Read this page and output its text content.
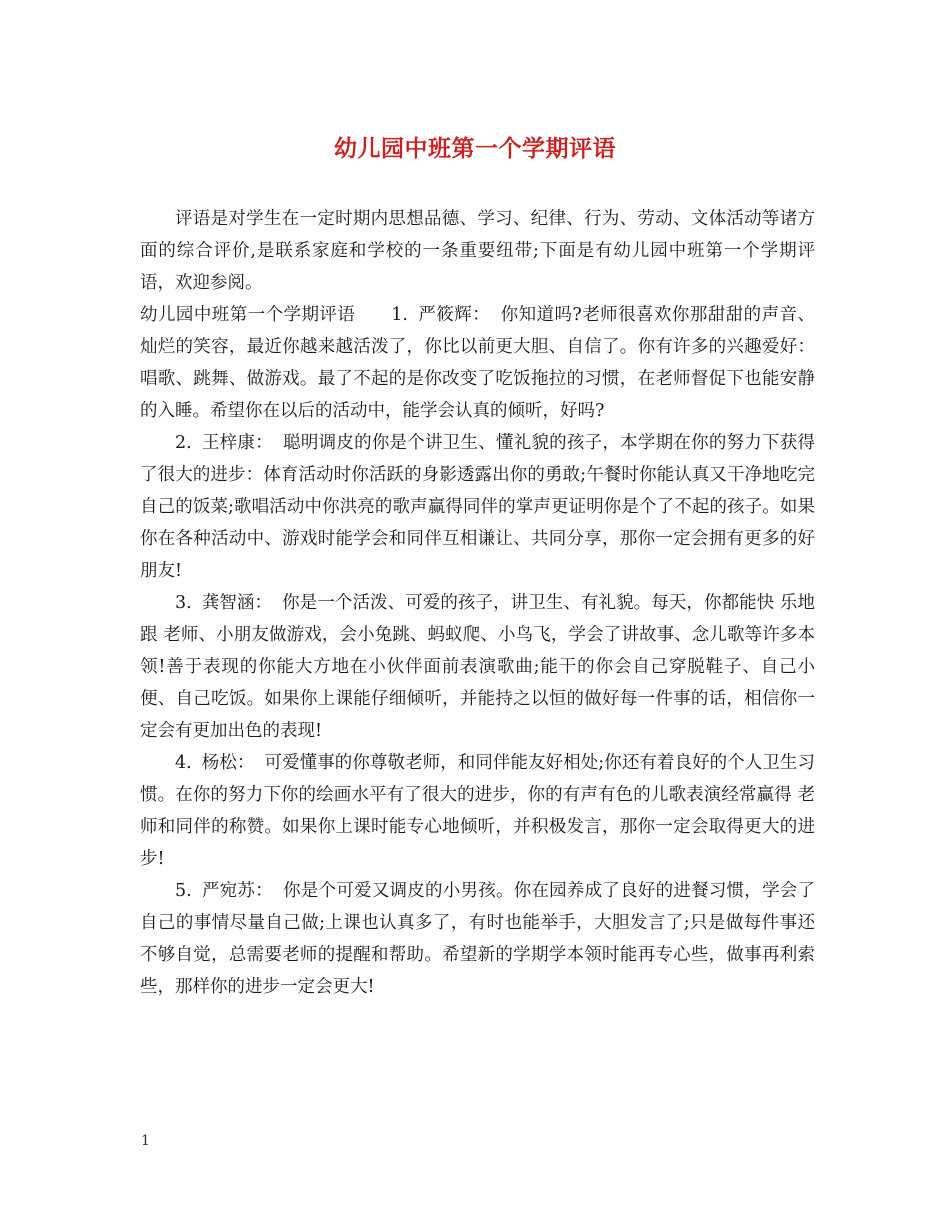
幼儿园中班第一个学期评语

评语是对学生在一定时期内思想品德、学习、纪律、行为、劳动、文体活动等诸方面的综合评价,是联系家庭和学校的一条重要纽带;下面是有幼儿园中班第一个学期评语，欢迎参阅。

幼儿园中班第一个学期评语 1. 严筱辉： 你知道吗?老师很喜欢你那甜甜的声音、灿烂的笑容，最近你越来越活泼了，你比以前更大胆、自信了。你有许多的兴趣爱好：唱歌、跳舞、做游戏。最了不起的是你改变了吃饭拖拉的习惯，在老师督促下也能安静的入睡。希望你在以后的活动中，能学会认真的倾听，好吗?

2. 王梓康： 聪明调皮的你是个讲卫生、懂礼貌的孩子，本学期在你的努力下获得了很大的进步：体育活动时你活跃的身影透露出你的勇敢;午餐时你能认真又干净地吃完自己的饭菜;歌唱活动中你洪亮的歌声赢得同伴的掌声更证明你是个了不起的孩子。如果你在各种活动中、游戏时能学会和同伴互相谦让、共同分享，那你一定会拥有更多的好朋友!

3. 龚智涵： 你是一个活泼、可爱的孩子，讲卫生、有礼貌。每天，你都能快 乐地跟 老师、小朋友做游戏，会小兔跳、蚂蚁爬、小鸟飞，学会了讲故事、念儿歌等许多本领!善于表现的你能大方地在小伙伴面前表演歌曲;能干的你会自己穿脱鞋子、自己小便、自己吃饭。如果你上课能仔细倾听，并能持之以恒的做好每一件事的话，相信你一定会有更加出色的表现!

4. 杨松： 可爱懂事的你尊敬老师，和同伴能友好相处;你还有着良好的个人卫生习惯。在你的努力下你的绘画水平有了很大的进步，你的有声有色的儿歌表演经常赢得 老师和同伴的称赞。如果你上课时能专心地倾听，并积极发言，那你一定会取得更大的进步!

5. 严宛苏： 你是个可爱又调皮的小男孩。你在园养成了良好的进餐习惯，学会了自己的事情尽量自己做;上课也认真多了，有时也能举手，大胆发言了;只是做每件事还不够自觉，总需要老师的提醒和帮助。希望新的学期学本领时能再专心些，做事再利索些，那样你的进步一定会更大!

1
